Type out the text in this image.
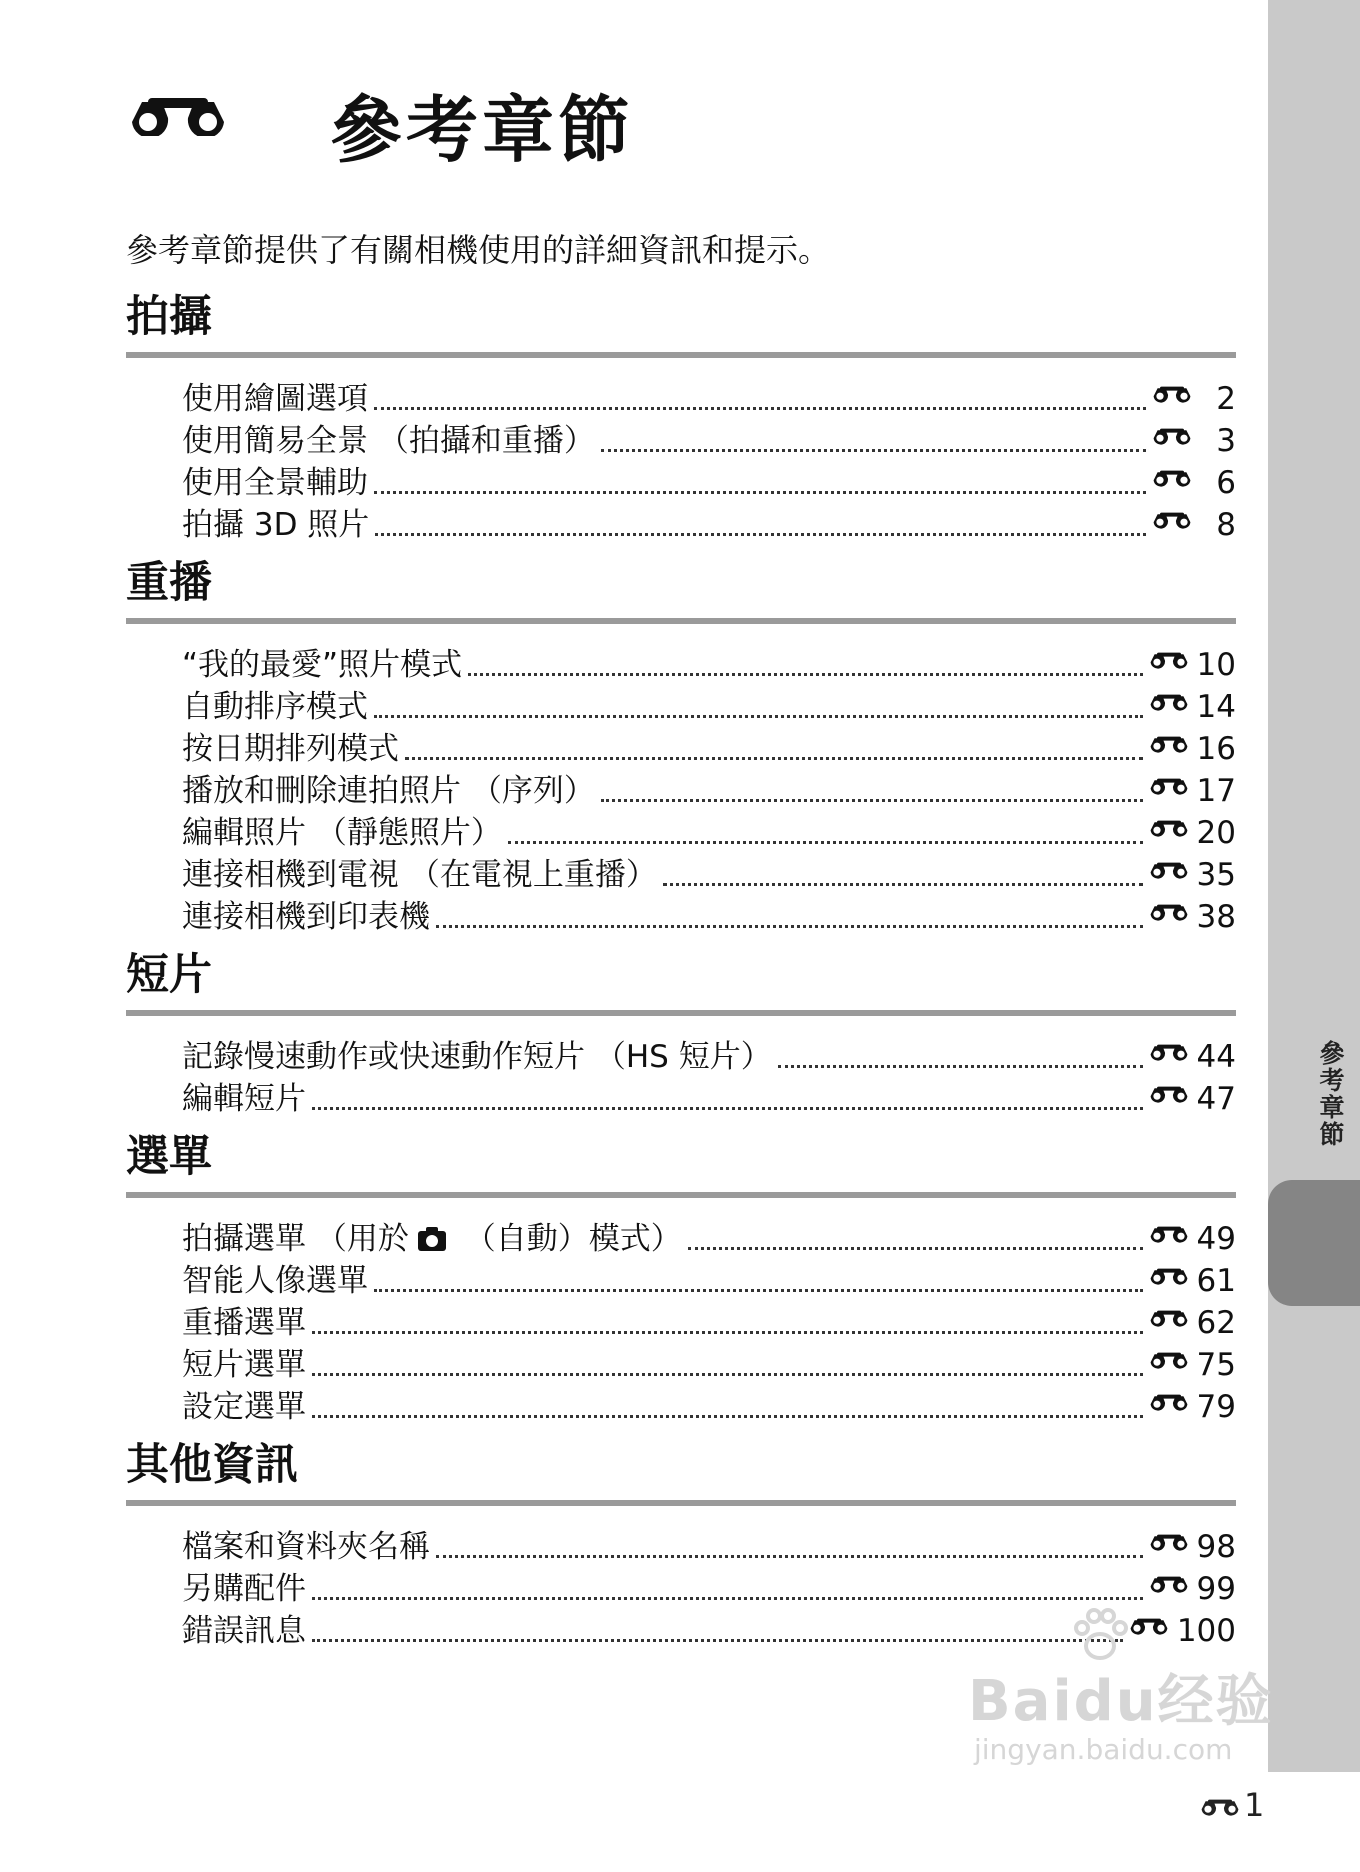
參考章節
參考章節

參考章節提供了有關相機使用的詳細資訊和提示。

拍攝
使用繪圖選項	2
使用簡易全景 （拍攝和重播）	3
使用全景輔助	6
拍攝 3D 照片	8
重播
“我的最愛”照片模式	10
自動排序模式	14
按日期排列模式	16
播放和刪除連拍照片 （序列）	17
編輯照片 （靜態照片）	20
連接相機到電視 （在電視上重播）	35
連接相機到印表機	38
短片
記錄慢速動作或快速動作短片 （HS 短片）	44
編輯短片	47
選單
拍攝選單 （用於 （自動）模式）	49
智能人像選單	61
重播選單	62
短片選單	75
設定選單	79
其他資訊
檔案和資料夾名稱	98
另購配件	99
錯誤訊息	100
1
Baidu经验
jingyan.baidu.com
